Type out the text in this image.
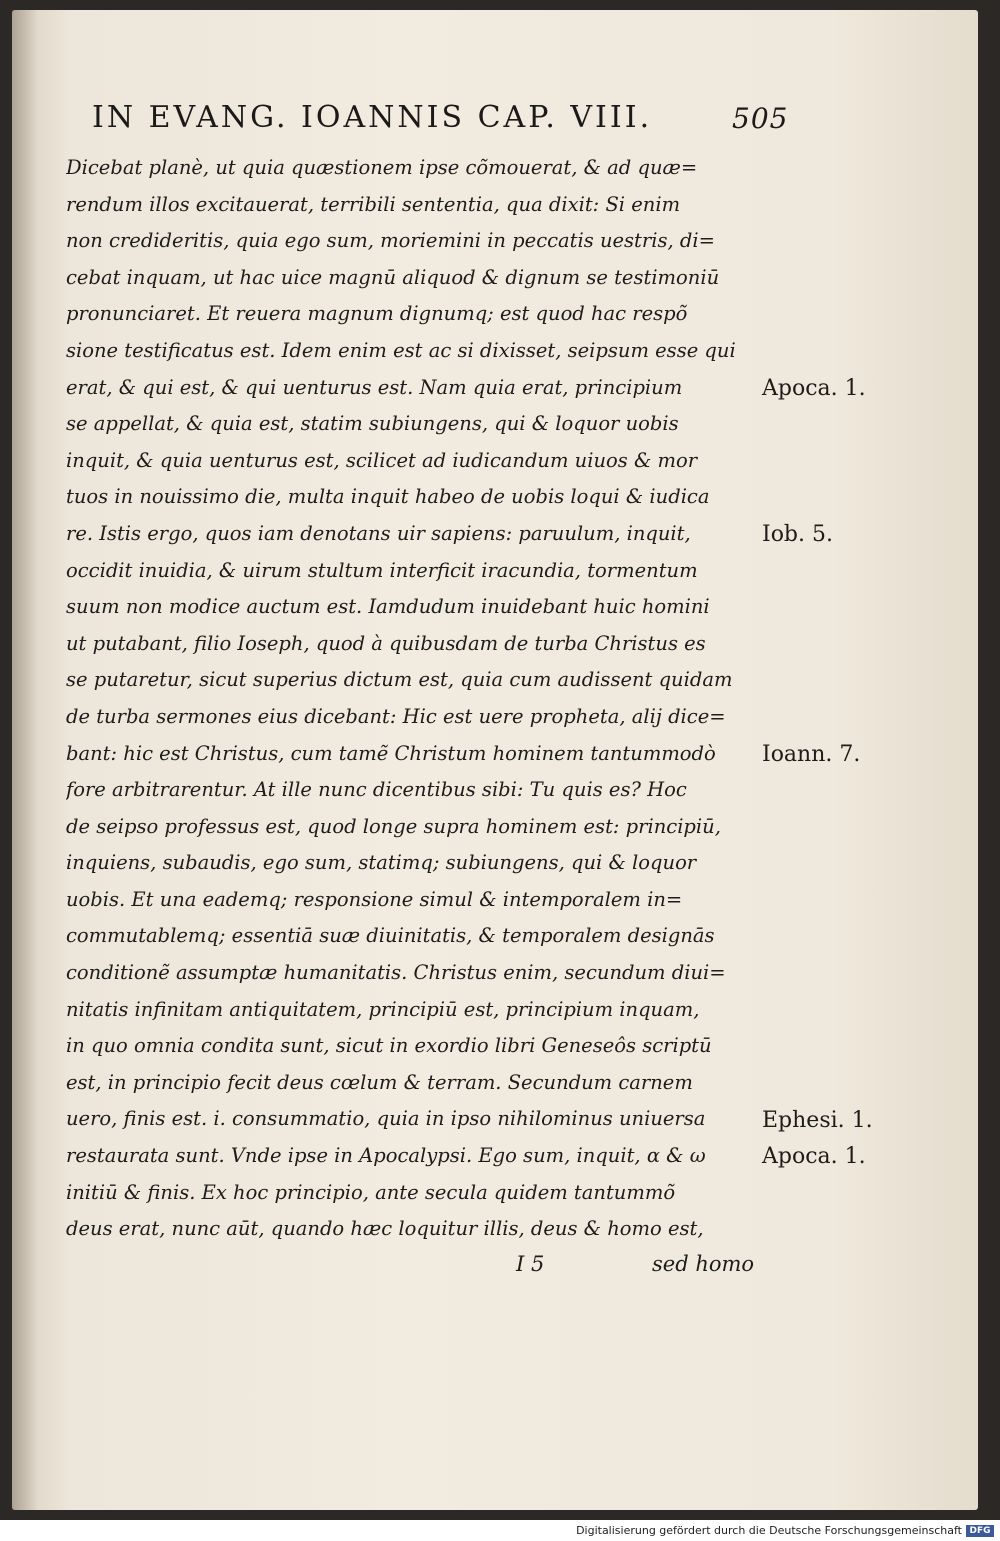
IN EVANG. IOANNIS CAP. VIII.	505
Dicebat planè, ut quia quæstionem ipse cõmouerat, & ad quæ=
rendum illos excitauerat, terribili sententia, qua dixit: Si enim
non credideritis, quia ego sum, moriemini in peccatis uestris, di=
cebat inquam, ut hac uice magnū aliquod & dignum se testimoniū
pronunciaret. Et reuera magnum dignumq; est quod hac respõ
sione testificatus est. Idem enim est ac si dixisset, seipsum esse qui
erat, & qui est, & qui uenturus est. Nam quia erat, principium
se appellat, & quia est, statim subiungens, qui & loquor uobis
inquit, & quia uenturus est, scilicet ad iudicandum uiuos & mor
tuos in nouissimo die, multa inquit habeo de uobis loqui & iudica
re. Istis ergo, quos iam denotans uir sapiens: paruulum, inquit,
occidit inuidia, & uirum stultum interficit iracundia, tormentum
suum non modice auctum est. Iamdudum inuidebant huic homini
ut putabant, filio Ioseph, quod à quibusdam de turba Christus es
se putaretur, sicut superius dictum est, quia cum audissent quidam
de turba sermones eius dicebant: Hic est uere propheta, alij dice=
bant: hic est Christus, cum tamẽ Christum hominem tantummodò
fore arbitrarentur. At ille nunc dicentibus sibi: Tu quis es? Hoc
de seipso professus est, quod longe supra hominem est: principiū,
inquiens, subaudis, ego sum, statimq; subiungens, qui & loquor
uobis. Et una eademq; responsione simul & intemporalem in=
commutablemq; essentiā suæ diuinitatis, & temporalem designās
conditionẽ assumptæ humanitatis. Christus enim, secundum diui=
nitatis infinitam antiquitatem, principiū est, principium inquam,
in quo omnia condita sunt, sicut in exordio libri Geneseôs scriptū
est, in principio fecit deus cœlum & terram. Secundum carnem
uero, finis est. i. consummatio, quia in ipso nihilominus uniuersa
restaurata sunt. Vnde ipse in Apocalypsi. Ego sum, inquit, α & ω
initiū & finis. Ex hoc principio, ante secula quidem tantummõ
deus erat, nunc aūt, quando hæc loquitur illis, deus & homo est,
Apoca. 1.
Iob. 5.
Ioann. 7.
Ephesi. 1.
Apoca. 1.
I 5	sed homo
Digitalisierung gefördert durch die Deutsche Forschungsgemeinschaft DFG
